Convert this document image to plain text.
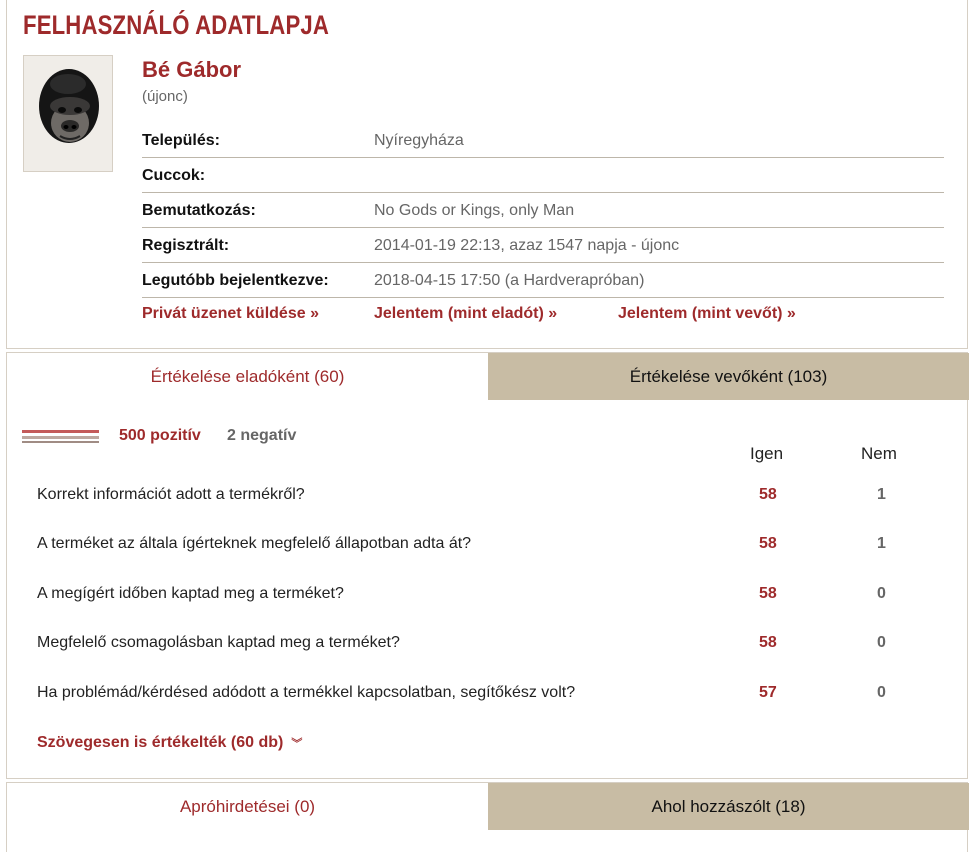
FELHASZNÁLÓ ADATLAPJA
Bé Gábor
(újonc)
Település:	Nyíregyháza
Cuccok:
Bemutatkozás:	No Gods or Kings, only Man
Regisztrált:	2014-01-19 22:13, azaz 1547 napja - újonc
Legutóbb bejelentkezve:	2018-04-15 17:50 (a Hardverapróban)
Privát üzenet küldése »	Jelentem (mint eladót) »	Jelentem (mint vevőt) »
Értékelése eladóként (60)	Értékelése vevőként (103)
500 pozitív 2 negatív
Igen	Nem
Korrekt információt adott a termékről?	58	1
A terméket az általa ígérteknek megfelelő állapotban adta át?	58	1
A megígért időben kaptad meg a terméket?	58	0
Megfelelő csomagolásban kaptad meg a terméket?	58	0
Ha problémád/kérdésed adódott a termékkel kapcsolatban, segítőkész volt?	57	0
Szövegesen is értékelték (60 db) ︾
Apróhirdetései (0)	Ahol hozzászólt (18)
